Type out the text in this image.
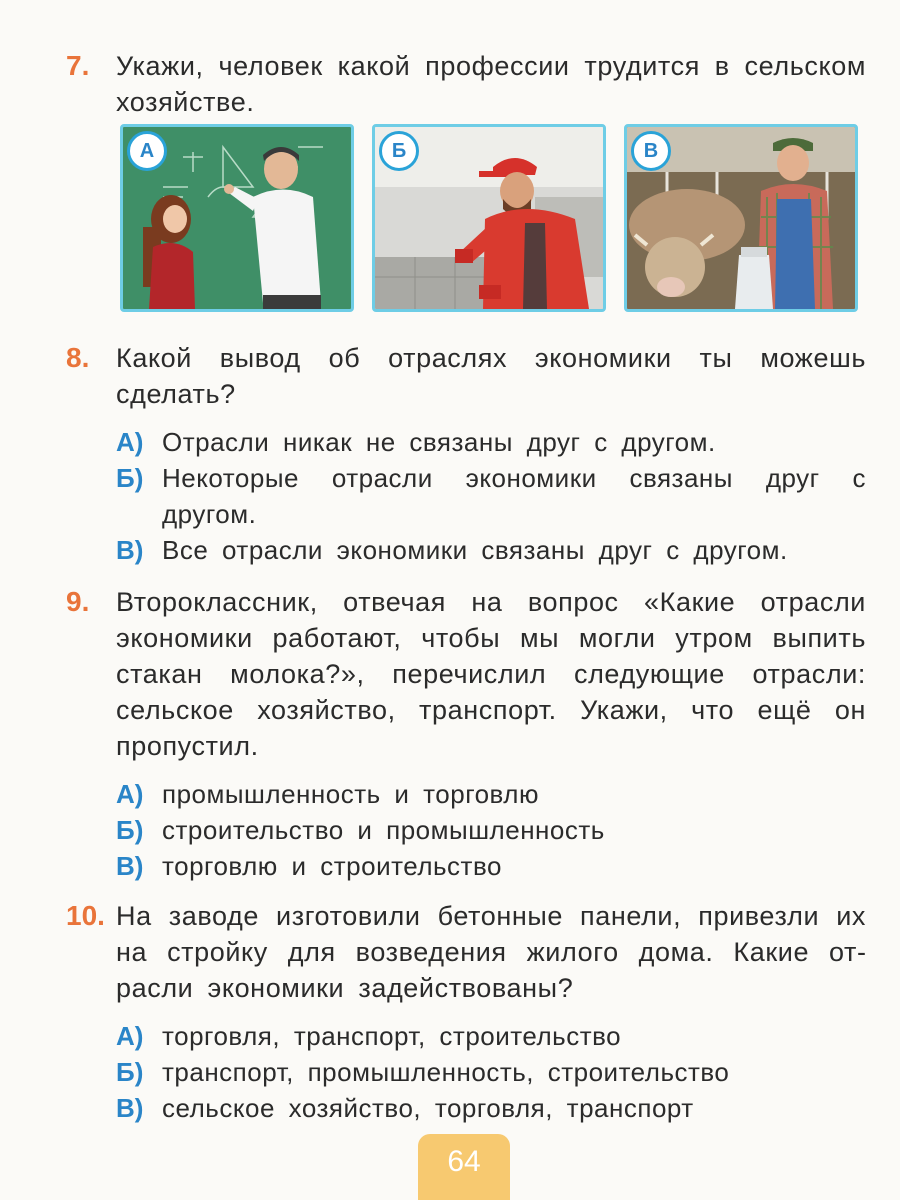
7. Укажи, человек какой профессии трудится в сельском хозяйстве.
А	Б	В
8. Какой вывод об отраслях экономики ты можешь сделать?
А) Отрасли никак не связаны друг с другом.
Б) Некоторые отрасли экономики связаны друг с другом.
В) Все отрасли экономики связаны друг с другом.
9. Второклассник, отвечая на вопрос «Какие отрасли экономики работают, чтобы мы могли утром выпить стакан молока?», перечислил следующие отрасли: сельское хозяйство, транспорт. Укажи, что ещё он пропустил.
А) промышленность и торговлю
Б) строительство и промышленность
В) торговлю и строительство
10. На заводе изготовили бетонные панели, привезли их на стройку для возведения жилого дома. Какие отрасли экономики задействованы?
А) торговля, транспорт, строительство
Б) транспорт, промышленность, строительство
В) сельское хозяйство, торговля, транспорт
64
